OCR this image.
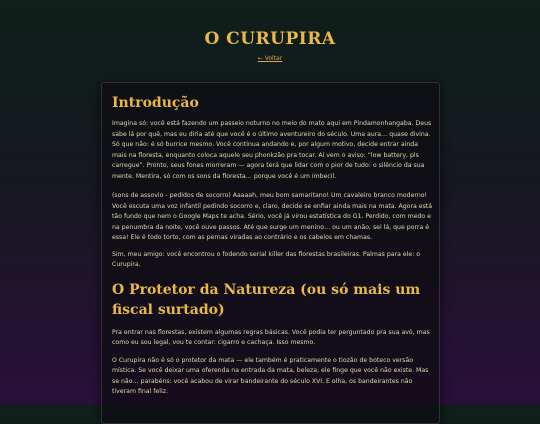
O CURUPIRA
← Voltar
Introdução

Imagina só: você está fazendo um passeio noturno no meio do mato aqui em Pindamonhangaba. Deus sabe lá por quê, mas eu diria até que você é o último aventureiro do século. Uma aura… quase divina. Só que não: é só burrice mesmo. Você continua andando e, por algum motivo, decide entrar ainda mais na floresta, enquanto coloca aquele seu phonkzão pra tocar. Aí vem o aviso: “low battery, pls carregue”. Pronto, seus fones morreram — agora terá que lidar com o pior de tudo: o silêncio da sua mente. Mentira, só com os sons da floresta… porque você é um imbecil.

(sons de assovio - pedidos de socorro) Aaaaah, meu bom samaritano! Um cavaleiro branco moderno! Você escuta uma voz infantil pedindo socorro e, claro, decide se enfiar ainda mais na mata. Agora está tão fundo que nem o Google Maps te acha. Sério, você já virou estatística do G1. Perdido, com medo e na penumbra da noite, você ouve passos. Até que surge um menino… ou um anão, sei lá, que porra é essa! Ele é todo torto, com as pernas viradas ao contrário e os cabelos em chamas.

Sim, meu amigo: você encontrou o fodendo serial killer das florestas brasileiras. Palmas para ele: o Curupira.

O Protetor da Natureza (ou só mais um fiscal surtado)

Pra entrar nas florestas, existem algumas regras básicas. Você podia ter perguntado pra sua avó, mas como eu sou legal, vou te contar: cigarro e cachaça. Isso mesmo.

O Curupira não é só o protetor da mata — ele também é praticamente o tiozão de boteco versão mística. Se você deixar uma oferenda na entrada da mata, beleza, ele finge que você não existe. Mas se não… parabéns: você acabou de virar bandeirante do século XVI. E olha, os bandeirantes não tiveram final feliz.
